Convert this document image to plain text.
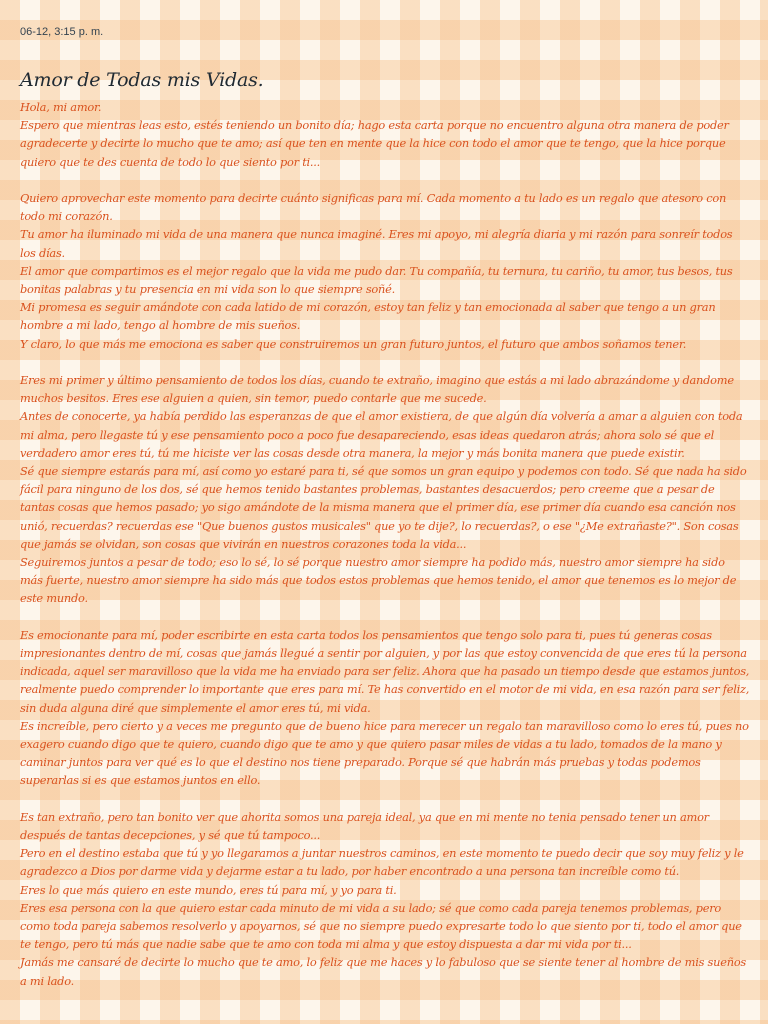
06-12, 3:15 p. m.

Amor de Todas mis Vidas.
Hola, mi amor.
Espero que mientras leas esto, estés teniendo un bonito día; hago esta carta porque no encuentro alguna otra manera de poder agradecerte y decirte lo mucho que te amo; así que ten en mente que la hice con todo el amor que te tengo, que la hice porque quiero que te des cuenta de todo lo que siento por ti...
Quiero aprovechar este momento para decirte cuánto significas para mí. Cada momento a tu lado es un regalo que atesoro con todo mi corazón.
Tu amor ha iluminado mi vida de una manera que nunca imaginé. Eres mi apoyo, mi alegría diaria y mi razón para sonreír todos los días.
El amor que compartimos es el mejor regalo que la vida me pudo dar. Tu compañía, tu ternura, tu cariño, tu amor, tus besos, tus bonitas palabras y tu presencia en mi vida son lo que siempre soñé.
Mi promesa es seguir amándote con cada latido de mi corazón, estoy tan feliz y tan emocionada al saber que tengo a un gran hombre a mi lado, tengo al hombre de mis sueños.
Y claro, lo que más me emociona es saber que construiremos un gran futuro juntos, el futuro que ambos soñamos tener.
Eres mi primer y último pensamiento de todos los días, cuando te extraño, imagino que estás a mi lado abrazándome y dandome muchos besitos. Eres ese alguien a quien, sin temor, puedo contarle que me sucede.
Antes de conocerte, ya había perdido las esperanzas de que el amor existiera, de que algún día volvería a amar a alguien con toda mi alma, pero llegaste tú y ese pensamiento poco a poco fue desapareciendo, esas ideas quedaron atrás; ahora solo sé que el verdadero amor eres tú, tú me hiciste ver las cosas desde otra manera, la mejor y más bonita manera que puede existir.
Sé que siempre estarás para mí, así como yo estaré para ti, sé que somos un gran equipo y podemos con todo. Sé que nada ha sido fácil para ninguno de los dos, sé que hemos tenido bastantes problemas, bastantes desacuerdos; pero creeme que a pesar de tantas cosas que hemos pasado; yo sigo amándote de la misma manera que el primer día, ese primer día cuando esa canción nos unió, recuerdas? recuerdas ese "Que buenos gustos musicales" que yo te dije?, lo recuerdas?, o ese "¿Me extrañaste?". Son cosas que jamás se olvidan, son cosas que vivirán en nuestros corazones toda la vida...
Seguiremos juntos a pesar de todo; eso lo sé, lo sé porque nuestro amor siempre ha podido más, nuestro amor siempre ha sido más fuerte, nuestro amor siempre ha sido más que todos estos problemas que hemos tenido, el amor que tenemos es lo mejor de este mundo.
Es emocionante para mí, poder escribirte en esta carta todos los pensamientos que tengo solo para ti, pues tú generas cosas impresionantes dentro de mí, cosas que jamás llegué a sentir por alguien, y por las que estoy convencida de que eres tú la persona indicada, aquel ser maravilloso que la vida me ha enviado para ser feliz. Ahora que ha pasado un tiempo desde que estamos juntos, realmente puedo comprender lo importante que eres para mí. Te has convertido en el motor de mi vida, en esa razón para ser feliz, sin duda alguna diré que simplemente el amor eres tú, mi vida.
Es increíble, pero cierto y a veces me pregunto que de bueno hice para merecer un regalo tan maravilloso como lo eres tú, pues no exagero cuando digo que te quiero, cuando digo que te amo y que quiero pasar miles de vidas a tu lado, tomados de la mano y caminar juntos para ver qué es lo que el destino nos tiene preparado. Porque sé que habrán más pruebas y todas podemos superarlas si es que estamos juntos en ello.
Es tan extraño, pero tan bonito ver que ahorita somos una pareja ideal, ya que en mi mente no tenia pensado tener un amor después de tantas decepciones, y sé que tú tampoco...
Pero en el destino estaba que tú y yo llegaramos a juntar nuestros caminos, en este momento te puedo decir que soy muy feliz y le agradezco a Dios por darme vida y dejarme estar a tu lado, por haber encontrado a una persona tan increíble como tú.
Eres lo que más quiero en este mundo, eres tú para mí, y yo para ti.
Eres esa persona con la que quiero estar cada minuto de mi vida a su lado; sé que como cada pareja tenemos problemas, pero como toda pareja sabemos resolverlo y apoyarnos, sé que no siempre puedo expresarte todo lo que siento por ti, todo el amor que te tengo, pero tú más que nadie sabe que te amo con toda mi alma y que estoy dispuesta a dar mi vida por ti...
Jamás me cansaré de decirte lo mucho que te amo, lo feliz que me haces y lo fabuloso que se siente tener al hombre de mis sueños a mi lado.
